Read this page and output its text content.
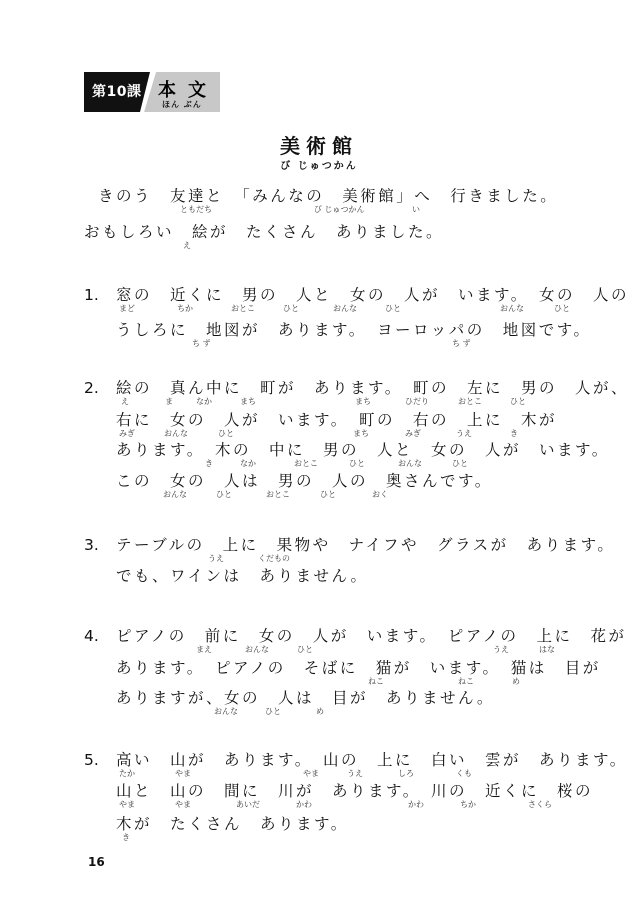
第10課 本文
ほん ぶん
美術館
び じゅつかん
きのう　友達と　「みんなの　美術館」へ　行きました。
ともだち	び じゅつかん	い
おもしろい　絵が　たくさん　ありました。
え
1. 窓の　近くに　男の　人と　女の　人が　います。　女の　人の
まど	ちか	おとこ	ひと	おんな	ひと	おんな	ひと
うしろに　地図が　あります。　ヨーロッパの　地図です。
ち ず	ち ず
2. 絵の　真ん中に　町が　あります。　町の　左に　男の　人が、
え	ま	なか	まち	まち	ひだり	おとこ	ひと
右に　女の　人が　います。　町の　右の　上に　木が
みぎ	おんな	ひと	まち	みぎ	うえ	き
あります。　木の　中に　男の　人と　女の　人が　います。
き	なか	おとこ	ひと	おんな	ひと
この　女の　人は　男の　人の　奥さんです。
おんな	ひと	おとこ	ひと	おく
3. テーブルの　上に　果物や　ナイフや　グラスが　あります。
うえ	くだもの
でも、ワインは　ありません。
4. ピアノの　前に　女の　人が　います。　ピアノの　上に　花が
まえ	おんな	ひと	うえ	はな
あります。　ピアノの　そばに　猫が　います。　猫は　目が
ねこ	ねこ	め
ありますが、女の　人は　目が　ありません。
おんな	ひと	め
5. 高い　山が　あります。　山の　上に　白い　雲が　あります。
たか	やま	やま	うえ	しろ	くも
山と　山の　間に　川が　あります。　川の　近くに　桜の
やま	やま	あいだ	かわ	かわ	ちか	さくら
木が　たくさん　あります。
き
16
